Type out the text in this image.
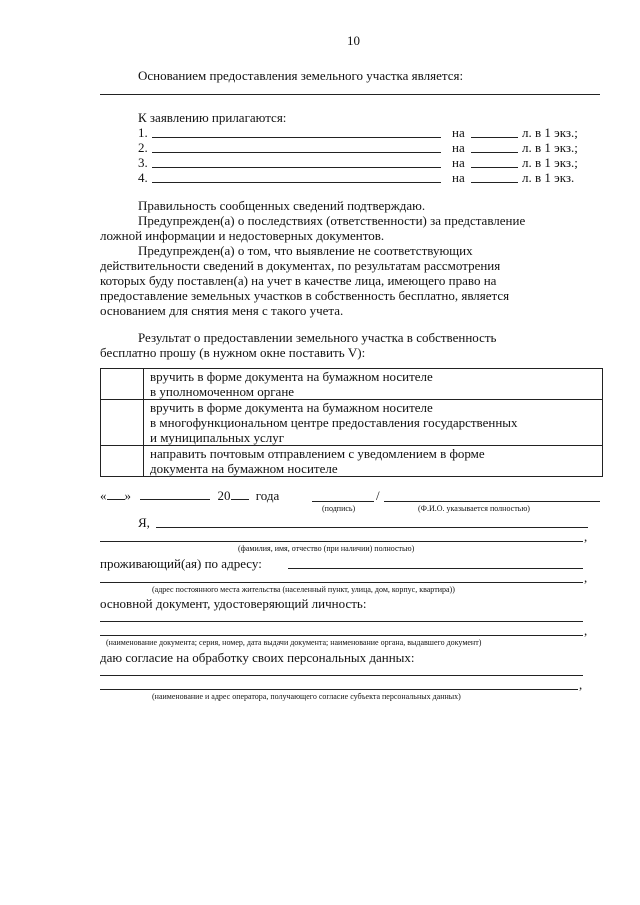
10
Основанием предоставления земельного участка является:
К заявлению прилагаются:
1.	на	л. в 1 экз.;
2.	на	л. в 1 экз.;
3.	на	л. в 1 экз.;
4.	на	л. в 1 экз.
Правильность сообщенных сведений подтверждаю.
Предупрежден(а) о последствиях (ответственности) за представление
ложной информации и недостоверных документов.
Предупрежден(а) о том, что выявление не соответствующих
действительности сведений в документах, по результатам рассмотрения
которых буду поставлен(а) на учет в качестве лица, имеющего право на
предоставление земельных участков в собственность бесплатно, является
основанием для снятия меня с такого учета.
Результат о предоставлении земельного участка в собственность
бесплатно прошу (в нужном окне поставить V):

	вручить в форме документа на бумажном носителе
в уполномоченном органе

	вручить в форме документа на бумажном носителе
в многофункциональном центре предоставления государственных
и муниципальных услуг

	направить почтовым отправлением с уведомлением в форме
документа на бумажном носителе
« »	20 года	/
(подпись)	(Ф.И.О. указывается полностью)
Я,
,
(фамилия, имя, отчество (при наличии) полностью)
проживающий(ая) по адресу:
,
(адрес постоянного места жительства (населенный пункт, улица, дом, корпус, квартира))
основной документ, удостоверяющий личность:
,
(наименование документа; серия, номер, дата выдачи документа; наименование органа, выдавшего документ)
даю согласие на обработку своих персональных данных:
,
(наименование и адрес оператора, получающего согласие субъекта персональных данных)
